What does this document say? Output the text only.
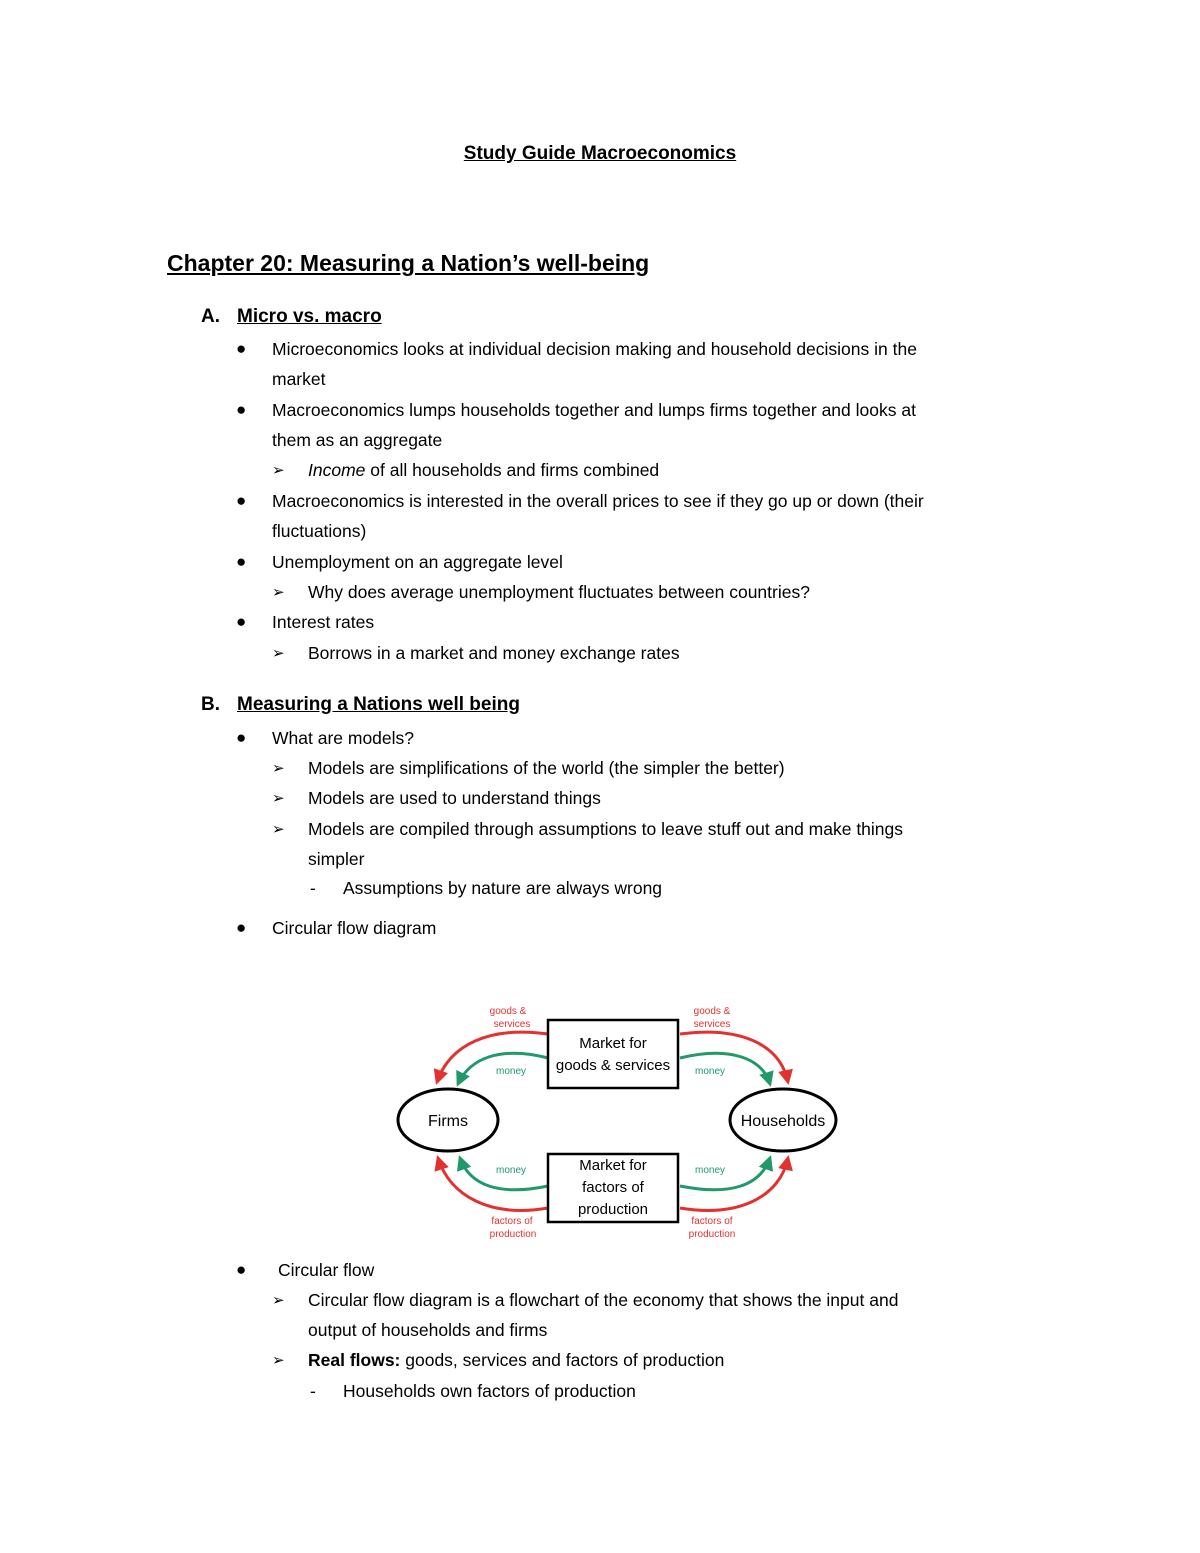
Study Guide Macroeconomics
Chapter 20: Measuring a Nation’s well-being
A. Micro vs. macro
● Microeconomics looks at individual decision making and household decisions in the
market
● Macroeconomics lumps households together and lumps firms together and looks at
them as an aggregate
➢ Income of all households and firms combined
● Macroeconomics is interested in the overall prices to see if they go up or down (their
fluctuations)
● Unemployment on an aggregate level
➢ Why does average unemployment fluctuates between countries?
● Interest rates
➢ Borrows in a market and money exchange rates
B. Measuring a Nations well being
● What are models?
➢ Models are simplifications of the world (the simpler the better)
➢ Models are used to understand things
➢ Models are compiled through assumptions to leave stuff out and make things
simpler
- Assumptions by nature are always wrong
● Circular flow diagram
Firms	Households
Market for
goods & services
Market for
factors of
production
goods &
services
goods &
services
money	money
money	money
factors of
production
factors of
production
● Circular flow
➢ Circular flow diagram is a flowchart of the economy that shows the input and
output of households and firms
➢ Real flows: goods, services and factors of production
- Households own factors of production
